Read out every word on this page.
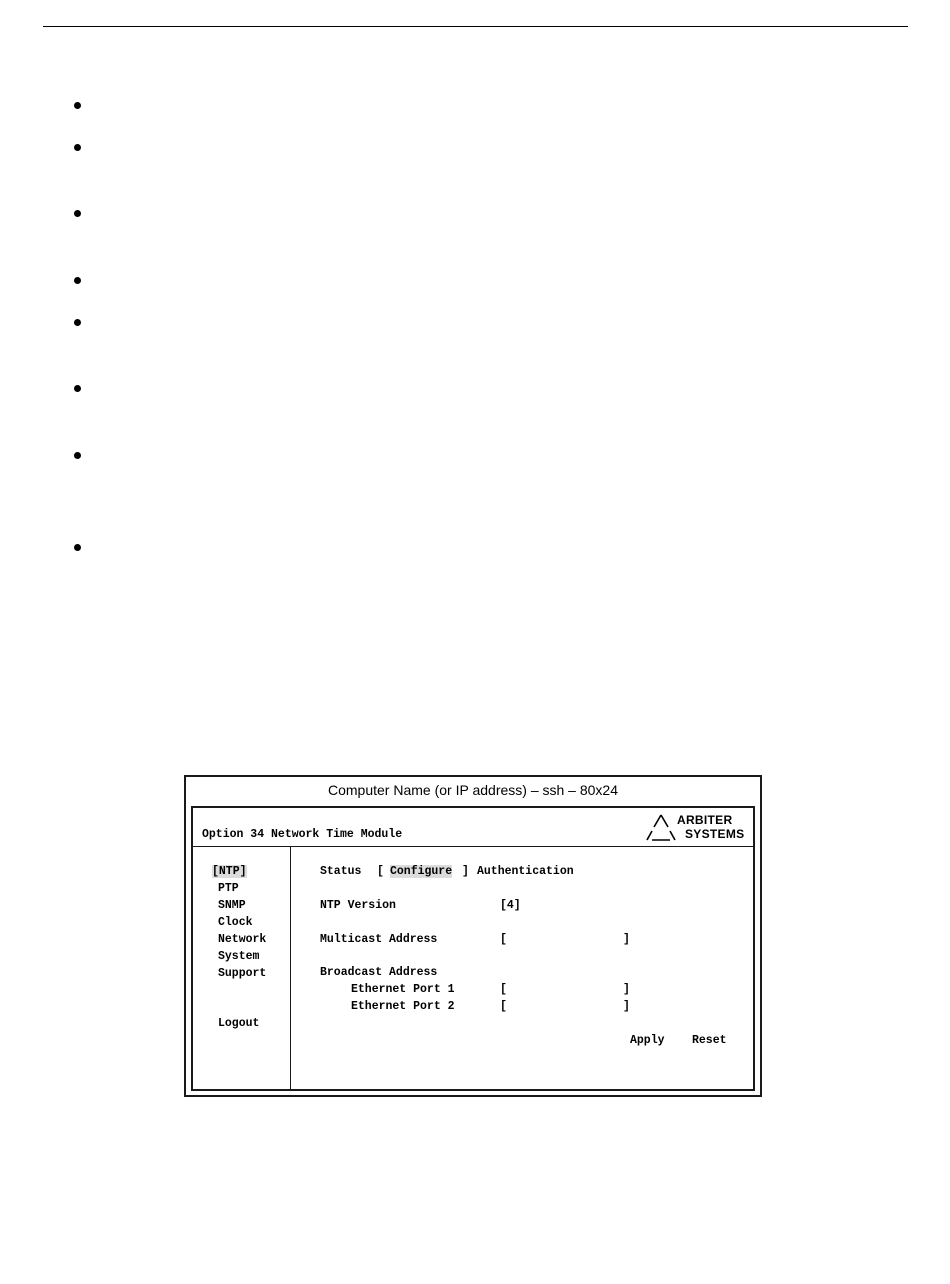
Computer Name (or IP address) – ssh – 80x24
Option 34 Network Time Module
ARBITER
SYSTEMS
[NTP]
PTP
SNMP
Clock
Network
System
Support
Logout
Status [ Configure ] Authentication
NTP Version	[4]
Multicast Address	[	]
Broadcast Address
Ethernet Port 1	[	]
Ethernet Port 2	[	]
Apply Reset
